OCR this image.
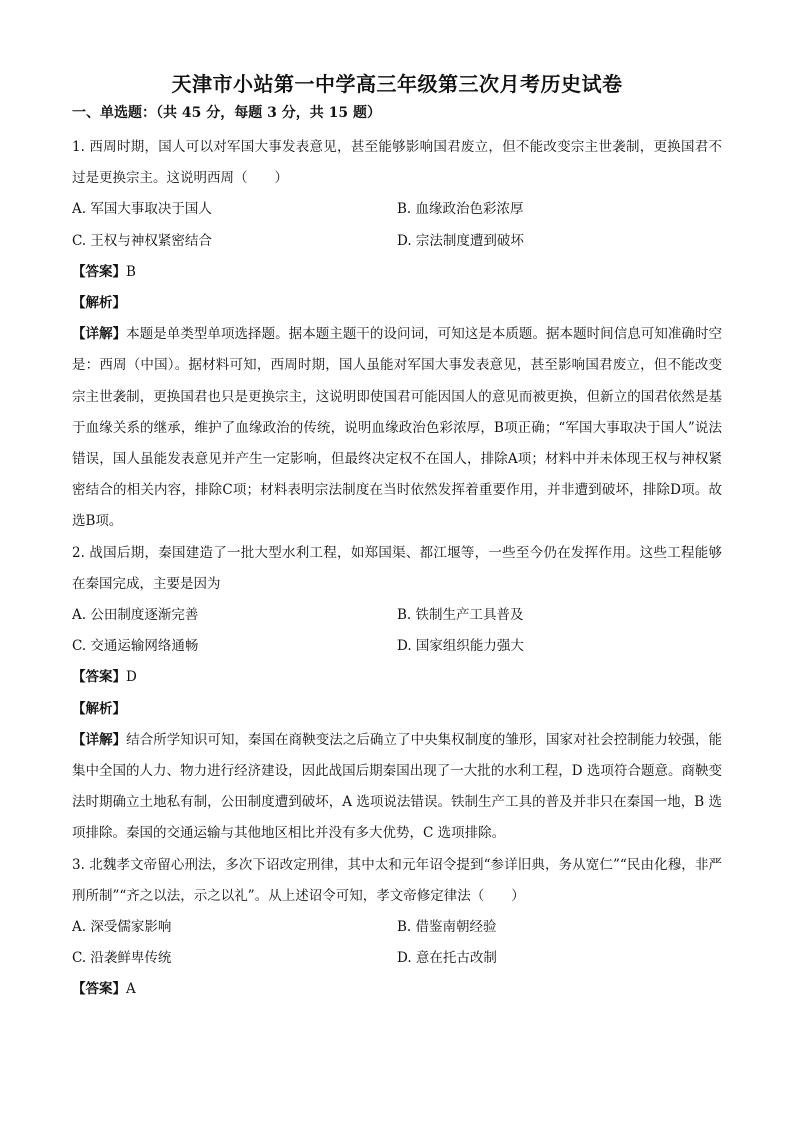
天津市小站第一中学高三年级第三次月考历史试卷
一、单选题：（共 45 分，每题 3 分，共 15 题）

1. 西周时期，国人可以对军国大事发表意见，甚至能够影响国君废立，但不能改变宗主世袭制，更换国君不过是更换宗主。这说明西周（　　）

A. 军国大事取决于国人	B. 血缘政治色彩浓厚
C. 王权与神权紧密结合	D. 宗法制度遭到破坏

【答案】B

【解析】

【详解】本题是单类型单项选择题。据本题主题干的设问词，可知这是本质题。据本题时间信息可知准确时空是：西周（中国）。据材料可知，西周时期，国人虽能对军国大事发表意见，甚至影响国君废立，但不能改变宗主世袭制，更换国君也只是更换宗主，这说明即使国君可能因国人的意见而被更换，但新立的国君依然是基于血缘关系的继承，维护了血缘政治的传统，说明血缘政治色彩浓厚，B项正确；“军国大事取决于国人”说法错误，国人虽能发表意见并产生一定影响，但最终决定权不在国人，排除A项；材料中并未体现王权与神权紧密结合的相关内容，排除C项；材料表明宗法制度在当时依然发挥着重要作用，并非遭到破坏，排除D项。故选B项。

2. 战国后期，秦国建造了一批大型水利工程，如郑国渠、都江堰等，一些至今仍在发挥作用。这些工程能够在秦国完成，主要是因为

A. 公田制度逐渐完善	B. 铁制生产工具普及
C. 交通运输网络通畅	D. 国家组织能力强大

【答案】D

【解析】

【详解】结合所学知识可知，秦国在商鞅变法之后确立了中央集权制度的雏形，国家对社会控制能力较强，能集中全国的人力、物力进行经济建设，因此战国后期秦国出现了一大批的水利工程，D 选项符合题意。商鞅变法时期确立土地私有制，公田制度遭到破坏，A 选项说法错误。铁制生产工具的普及并非只在秦国一地，B 选项排除。秦国的交通运输与其他地区相比并没有多大优势，C 选项排除。

3. 北魏孝文帝留心刑法，多次下诏改定刑律，其中太和元年诏令提到“参详旧典，务从宽仁”“民由化穆，非严刑所制”“齐之以法，示之以礼”。从上述诏令可知，孝文帝修定律法（　　）

A. 深受儒家影响	B. 借鉴南朝经验
C. 沿袭鲜卑传统	D. 意在托古改制

【答案】A
